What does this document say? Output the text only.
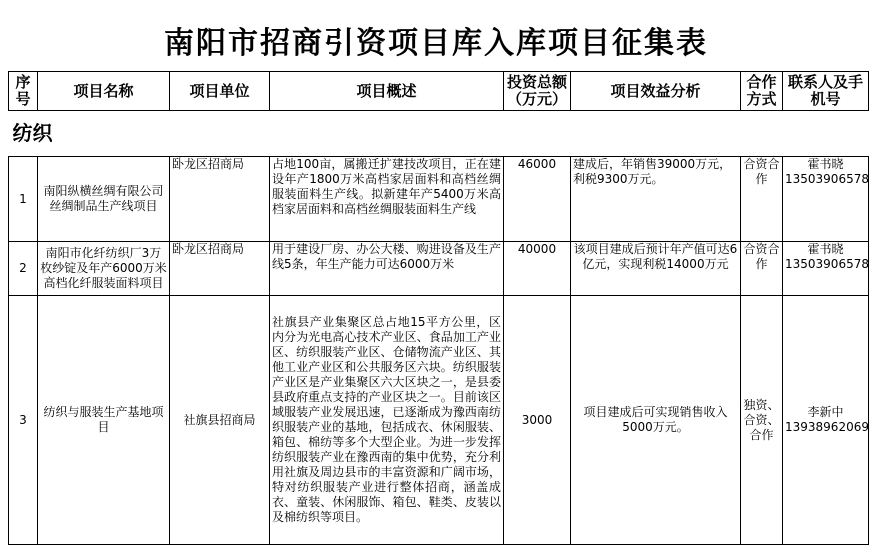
南阳市招商引资项目库入库项目征集表
序号	项目名称	项目单位	项目概述	投资总额（万元）	项目效益分析	合作方式	联系人及手机号
纺织							
1	南阳纵横丝绸有限公司丝绸制品生产线项目	卧龙区招商局	占地100亩，属搬迁扩建技改项目，正在建设年产1800万米高档家居面料和高档丝绸服装面料生产线。拟新建年产5400万米高档家居面料和高档丝绸服装面料生产线	46000	建成后，年销售39000万元，利税9300万元。	合资合作	霍书晓
13503906578

2	南阳市化纤纺织厂3万枚纱锭及年产6000万米高档化纤服装面料项目	卧龙区招商局	用于建设厂房、办公大楼、购进设备及生产线5条，年生产能力可达6000万米	40000	该项目建成后预计年产值可达6亿元，实现利税14000万元	合资合作	霍书晓
13503906578

3	纺织与服装生产基地项目	社旗县招商局	社旗县产业集聚区总占地15平方公里，区内分为光电高心技术产业区、食品加工产业区、纺织服装产业区、仓储物流产业区、其他工业产业区和公共服务区六块。纺织服装产业区是产业集聚区六大区块之一，是县委县政府重点支持的产业区块之一。目前该区域服装产业发展迅速，已逐渐成为豫西南纺织服装产业的基地，包括成衣、休闲服装、箱包、棉纺等多个大型企业。为进一步发挥纺织服装产业在豫西南的集中优势，充分利用社旗及周边县市的丰富资源和广阔市场，特对纺织服装产业进行整体招商，涵盖成衣、童装、休闲服饰、箱包、鞋类、皮装以及棉纺织等项目。	3000	项目建成后可实现销售收入5000万元。	独资、合资、合作	李新中
13938962069
